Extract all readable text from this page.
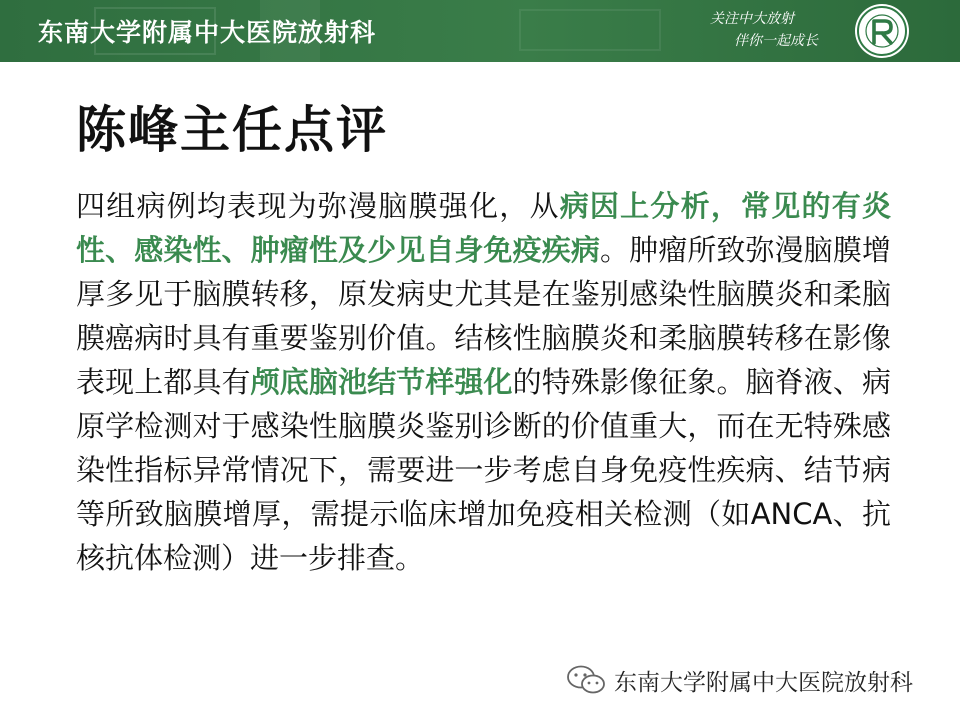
东南大学附属中大医院放射科	关注中大放射
伴你一起成长
陈峰主任点评
四组病例均表现为弥漫脑膜强化，从病因上分析，常见的有炎性、感染性、肿瘤性及少见自身免疫疾病。肿瘤所致弥漫脑膜增厚多见于脑膜转移，原发病史尤其是在鉴别感染性脑膜炎和柔脑膜癌病时具有重要鉴别价值。结核性脑膜炎和柔脑膜转移在影像表现上都具有颅底脑池结节样强化的特殊影像征象。脑脊液、病原学检测对于感染性脑膜炎鉴别诊断的价值重大，而在无特殊感染性指标异常情况下，需要进一步考虑自身免疫性疾病、结节病等所致脑膜增厚，需提示临床增加免疫相关检测（如ANCA、抗核抗体检测）进一步排查。
东南大学附属中大医院放射科
